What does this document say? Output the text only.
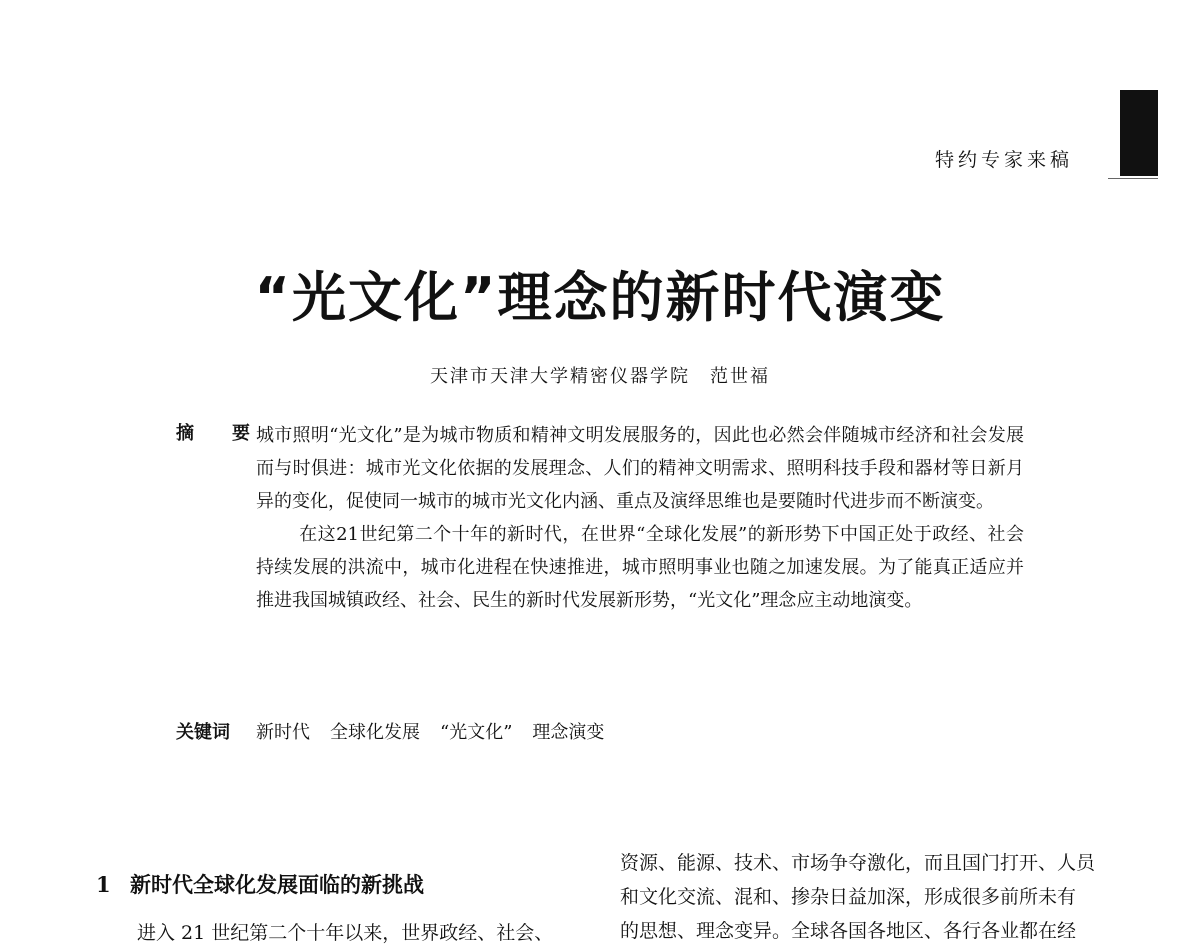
特约专家来稿
“光文化”理念的新时代演变
天津市天津大学精密仪器学院　范世福
摘　要

城市照明“光文化”是为城市物质和精神文明发展服务的，因此也必然会伴随城市经济和社会发展而与时俱进：城市光文化依据的发展理念、人们的精神文明需求、照明科技手段和器材等日新月异的变化，促使同一城市的城市光文化内涵、重点及演绎思维也是要随时代进步而不断演变。

在这21世纪第二个十年的新时代，在世界“全球化发展”的新形势下中国正处于政经、社会持续发展的洪流中，城市化进程在快速推进，城市照明事业也随之加速发展。为了能真正适应并推进我国城镇政经、社会、民生的新时代发展新形势，“光文化”理念应主动地演变。

关键词 新时代 全球化发展 “光文化” 理念演变
1 新时代全球化发展面临的新挑战
进入 21 世纪第二个十年以来，世界政经、社会、
资源、能源、技术、市场争夺激化，而且国门打开、人员
和文化交流、混和、掺杂日益加深，形成很多前所未有
的思想、理念变异。全球各国各地区、各行各业都在经
